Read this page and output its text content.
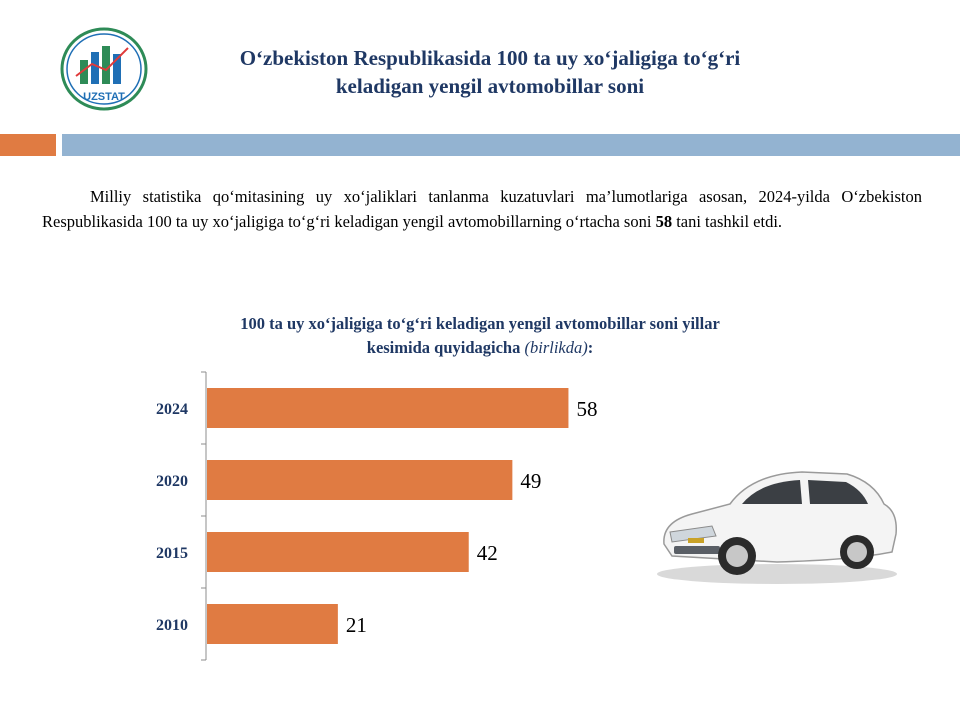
UZSTAT
O‘zbekiston Respublikasida 100 ta uy xo‘jaligiga to‘g‘ri
keladigan yengil avtomobillar soni
Milliy statistika qo‘mitasining uy xo‘jaliklari tanlanma kuzatuvlari ma’lumotlariga asosan, 2024-yilda O‘zbekiston Respublikasida 100 ta uy xo‘jaligiga to‘g‘ri keladigan yengil avtomobillarning o‘rtacha soni 58 tani tashkil etdi.
100 ta uy xo‘jaligiga to‘g‘ri keladigan yengil avtomobillar soni yillar
kesimida quyidagicha (birlikda):
2024	58
2020	49
2015	42
2010	21
